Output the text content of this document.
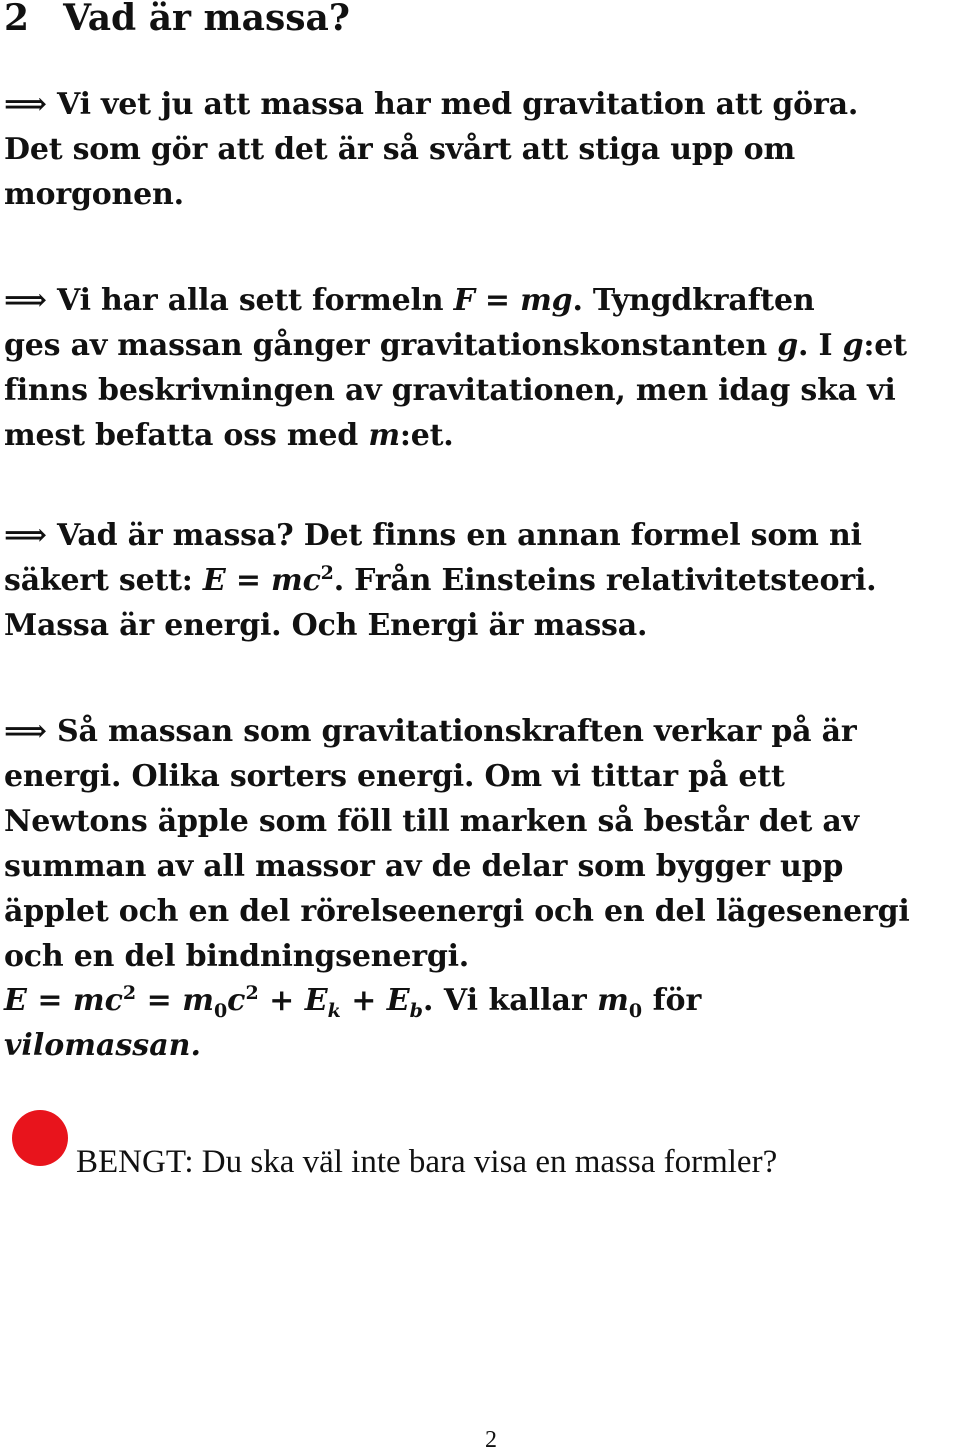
2 Vad är massa?

⟹ Vi vet ju att massa har med gravitation att göra.
Det som gör att det är så svårt att stiga upp om
morgonen.

⟹ Vi har alla sett formeln F = mg. Tyngdkraften
ges av massan gånger gravitationskonstanten g. I g:et
finns beskrivningen av gravitationen, men idag ska vi
mest befatta oss med m:et.

⟹ Vad är massa? Det finns en annan formel som ni
säkert sett: $E = mc^2$. Från Einsteins relativitetsteori.
Massa är energi. Och Energi är massa.

⟹ Så massan som gravitationskraften verkar på är
energi. Olika sorters energi. Om vi tittar på ett
Newtons äpple som föll till marken så består det av
summan av all massor av de delar som bygger upp
äpplet och en del rörelseenergi och en del lägesenergi
och en del bindningsenergi.

$E = mc^2 = m_0c^2 + E_k + E_b$. Vi kallar $m_0$ för

vilomassan.

BENGT: Du ska väl inte bara visa en massa formler?

2
